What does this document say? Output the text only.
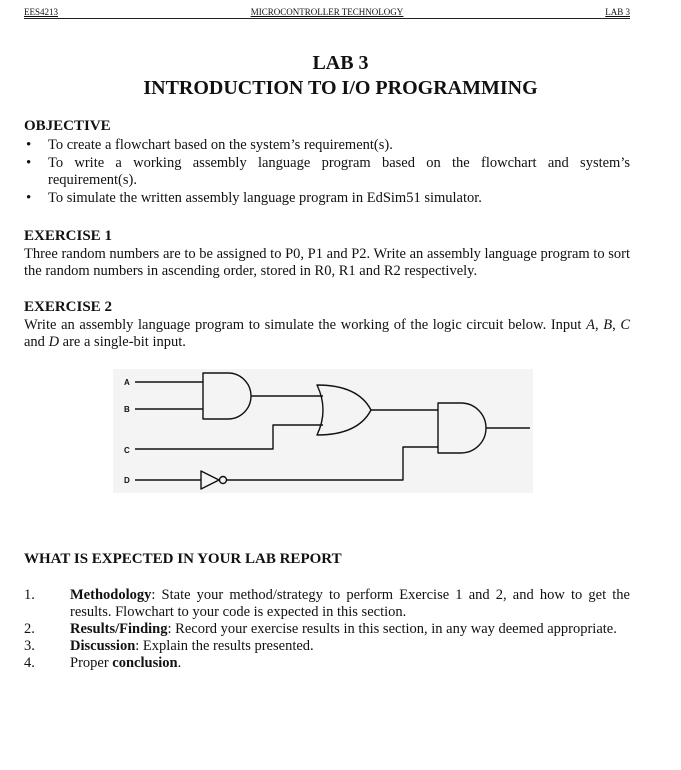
EES4213	MICROCONTROLLER TECHNOLOGY	LAB 3
LAB 3
INTRODUCTION TO I/O PROGRAMMING
OBJECTIVE
• To create a flowchart based on the system’s requirement(s).
• To write a working assembly language program based on the flowchart and system’s requirement(s).
• To simulate the written assembly language program in EdSim51 simulator.
EXERCISE 1
Three random numbers are to be assigned to P0, P1 and P2. Write an assembly language program to sort the random numbers in ascending order, stored in R0, R1 and R2 respectively.
EXERCISE 2
Write an assembly language program to simulate the working of the logic circuit below. Input A, B, C and D are a single-bit input.
A
B
C
D
WHAT IS EXPECTED IN YOUR LAB REPORT
1. Methodology: State your method/strategy to perform Exercise 1 and 2, and how to get the results. Flowchart to your code is expected in this section.
2. Results/Finding: Record your exercise results in this section, in any way deemed appropriate.
3. Discussion: Explain the results presented.
4. Proper conclusion.
